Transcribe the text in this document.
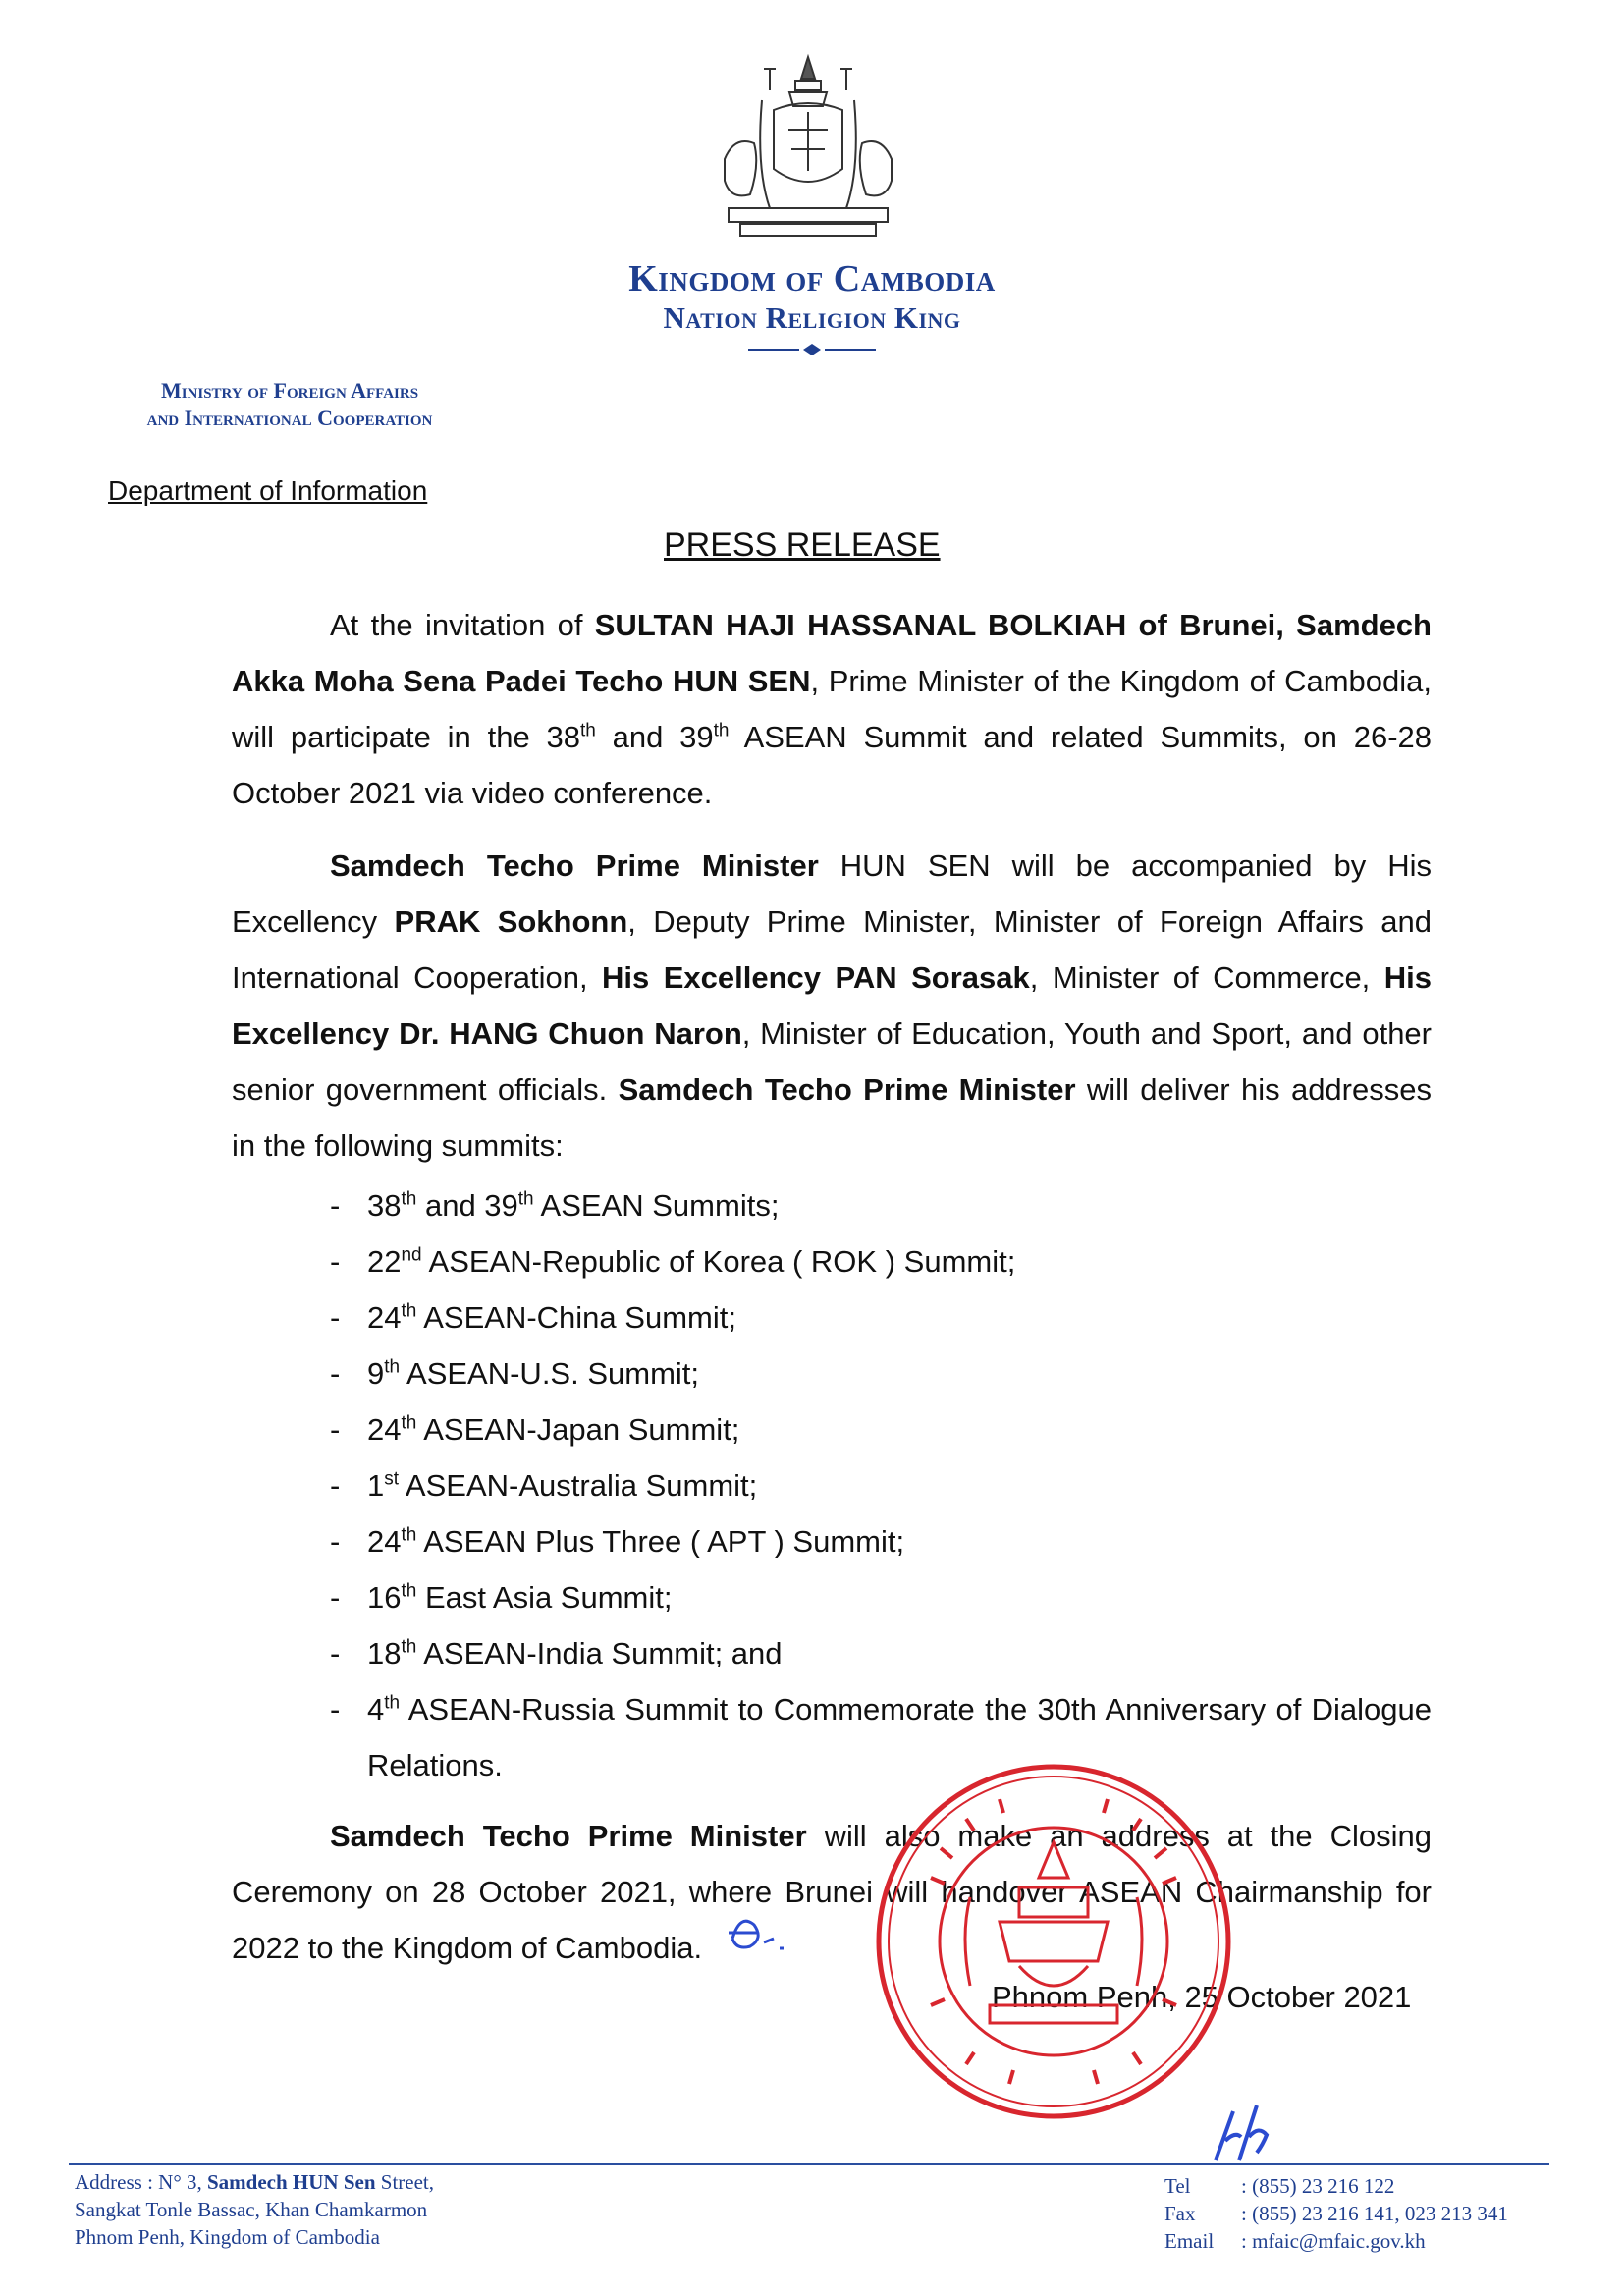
Kingdom of Cambodia
Nation Religion King
Ministry of Foreign Affairs
and International Cooperation
Department of Information
PRESS RELEASE
At the invitation of SULTAN HAJI HASSANAL BOLKIAH of Brunei, Samdech Akka Moha Sena Padei Techo HUN SEN, Prime Minister of the Kingdom of Cambodia, will participate in the 38th and 39th ASEAN Summit and related Summits, on 26-28 October 2021 via video conference.
Samdech Techo Prime Minister HUN SEN will be accompanied by His Excellency PRAK Sokhonn, Deputy Prime Minister, Minister of Foreign Affairs and International Cooperation, His Excellency PAN Sorasak, Minister of Commerce, His Excellency Dr. HANG Chuon Naron, Minister of Education, Youth and Sport, and other senior government officials. Samdech Techo Prime Minister will deliver his addresses in the following summits:
- 38th and 39th ASEAN Summits;
- 22nd ASEAN-Republic of Korea ( ROK ) Summit;
- 24th ASEAN-China Summit;
- 9th ASEAN-U.S. Summit;
- 24th ASEAN-Japan Summit;
- 1st ASEAN-Australia Summit;
- 24th ASEAN Plus Three ( APT ) Summit;
- 16th East Asia Summit;
- 18th ASEAN-India Summit; and
- 4th ASEAN-Russia Summit to Commemorate the 30th Anniversary of Dialogue Relations.
Samdech Techo Prime Minister will also make an address at the Closing Ceremony on 28 October 2021, where Brunei will handover ASEAN Chairmanship for 2022 to the Kingdom of Cambodia.
Phnom Penh, 25 October 2021
Address : N° 3, Samdech HUN Sen Street,
Sangkat Tonle Bassac, Khan Chamkarmon
Phnom Penh, Kingdom of Cambodia
Tel : (855) 23 216 122
Fax : (855) 23 216 141, 023 213 341
Email : mfaic@mfaic.gov.kh
